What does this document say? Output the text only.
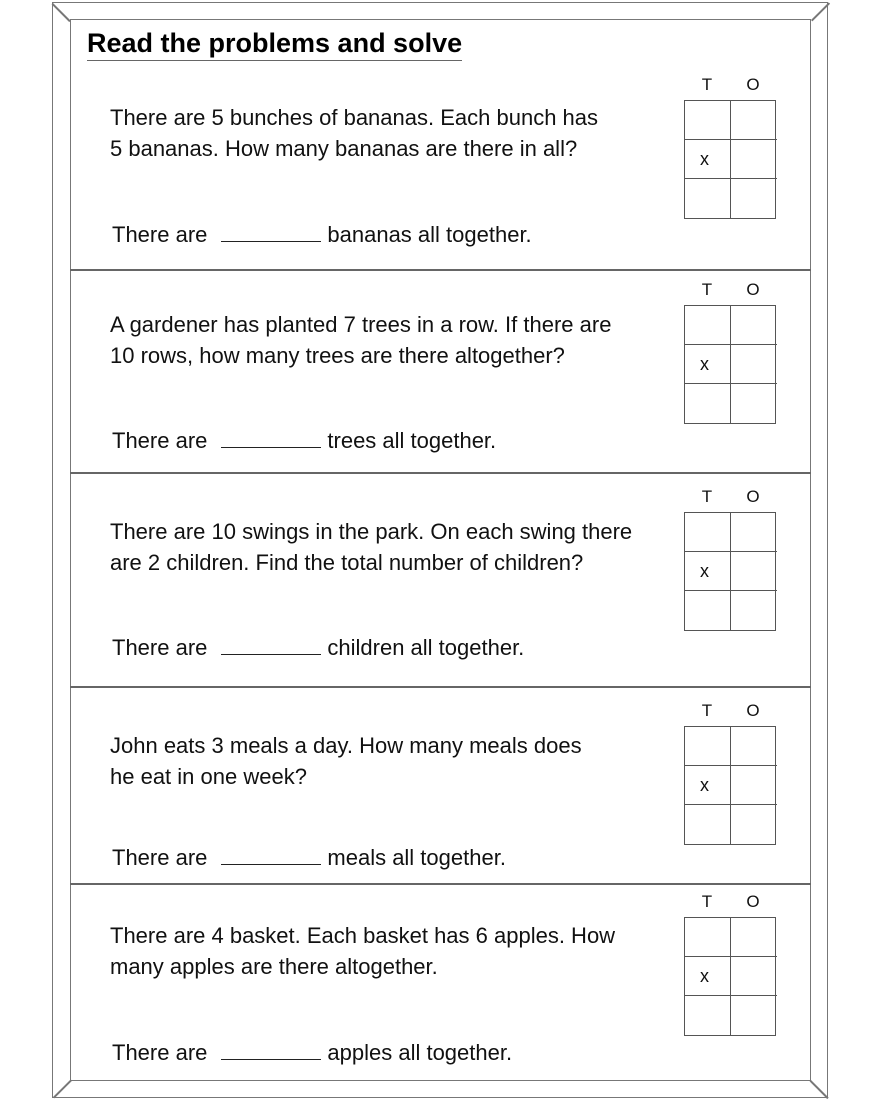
Read the problems and solve
There are 5 bunches of bananas. Each bunch has 5 bananas. How many bananas are there in all?
There are	bananas all together.
T	O
x
A gardener has planted 7 trees in a row. If there are 10 rows, how many trees are there altogether?
There are	trees all together.
T	O
x
There are 10 swings in the park. On each swing there are 2 children. Find the total number of children?
There are	children all together.
T	O
x
John eats 3 meals a day. How many meals does he eat in one week?
There are	meals all together.
T	O
x
There are 4 basket. Each basket has 6 apples. How many apples are there altogether.
There are	apples all together.
T	O
x
